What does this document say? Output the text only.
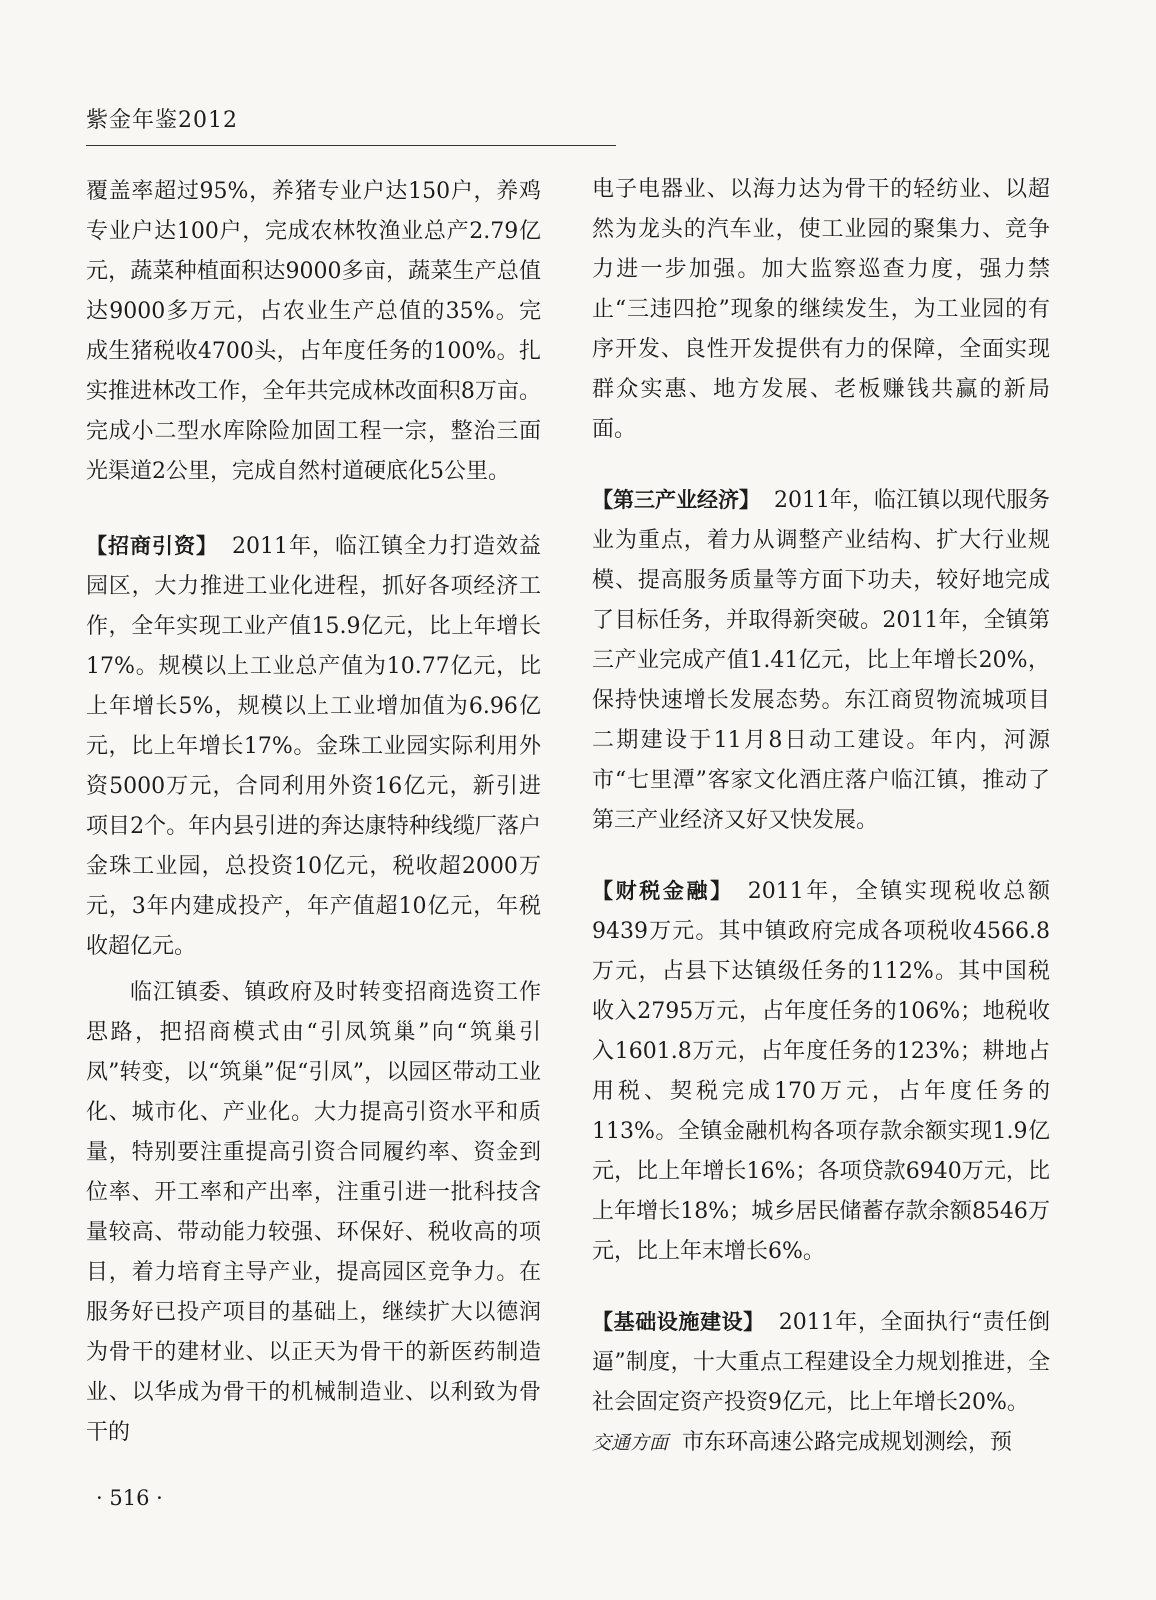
紫金年鉴2012

覆盖率超过95%，养猪专业户达150户，养鸡专业户达100户，完成农林牧渔业总产2.79亿元，蔬菜种植面积达9000多亩，蔬菜生产总值达9000多万元，占农业生产总值的35%。完成生猪税收4700头，占年度任务的100%。扎实推进林改工作，全年共完成林改面积8万亩。完成小二型水库除险加固工程一宗，整治三面光渠道2公里，完成自然村道硬底化5公里。

【招商引资】 2011年，临江镇全力打造效益园区，大力推进工业化进程，抓好各项经济工作，全年实现工业产值15.9亿元，比上年增长17%。规模以上工业总产值为10.77亿元，比上年增长5%，规模以上工业增加值为6.96亿元，比上年增长17%。金珠工业园实际利用外资5000万元，合同利用外资16亿元，新引进项目2个。年内县引进的奔达康特种线缆厂落户金珠工业园，总投资10亿元，税收超2000万元，3年内建成投产，年产值超10亿元，年税收超亿元。

临江镇委、镇政府及时转变招商选资工作思路，把招商模式由“引凤筑巢”向“筑巢引凤”转变，以“筑巢”促“引凤”，以园区带动工业化、城市化、产业化。大力提高引资水平和质量，特别要注重提高引资合同履约率、资金到位率、开工率和产出率，注重引进一批科技含量较高、带动能力较强、环保好、税收高的项目，着力培育主导产业，提高园区竞争力。在服务好已投产项目的基础上，继续扩大以德润为骨干的建材业、以正天为骨干的新医药制造业、以华成为骨干的机械制造业、以利致为骨干的

电子电器业、以海力达为骨干的轻纺业、以超然为龙头的汽车业，使工业园的聚集力、竞争力进一步加强。加大监察巡查力度，强力禁止“三违四抢”现象的继续发生，为工业园的有序开发、良性开发提供有力的保障，全面实现群众实惠、地方发展、老板赚钱共赢的新局面。

【第三产业经济】 2011年，临江镇以现代服务业为重点，着力从调整产业结构、扩大行业规模、提高服务质量等方面下功夫，较好地完成了目标任务，并取得新突破。2011年，全镇第三产业完成产值1.41亿元，比上年增长20%，保持快速增长发展态势。东江商贸物流城项目二期建设于11月8日动工建设。年内，河源市“七里潭”客家文化酒庄落户临江镇，推动了第三产业经济又好又快发展。

【财税金融】 2011年，全镇实现税收总额9439万元。其中镇政府完成各项税收4566.8万元，占县下达镇级任务的112%。其中国税收入2795万元，占年度任务的106%；地税收入1601.8万元，占年度任务的123%；耕地占用税、契税完成170万元，占年度任务的113%。全镇金融机构各项存款余额实现1.9亿元，比上年增长16%；各项贷款6940万元，比上年增长18%；城乡居民储蓄存款余额8546万元，比上年末增长6%。

【基础设施建设】 2011年，全面执行“责任倒逼”制度，十大重点工程建设全力规划推进，全社会固定资产投资9亿元，比上年增长20%。
交通方面 市东环高速公路完成规划测绘，预

· 516 ·
